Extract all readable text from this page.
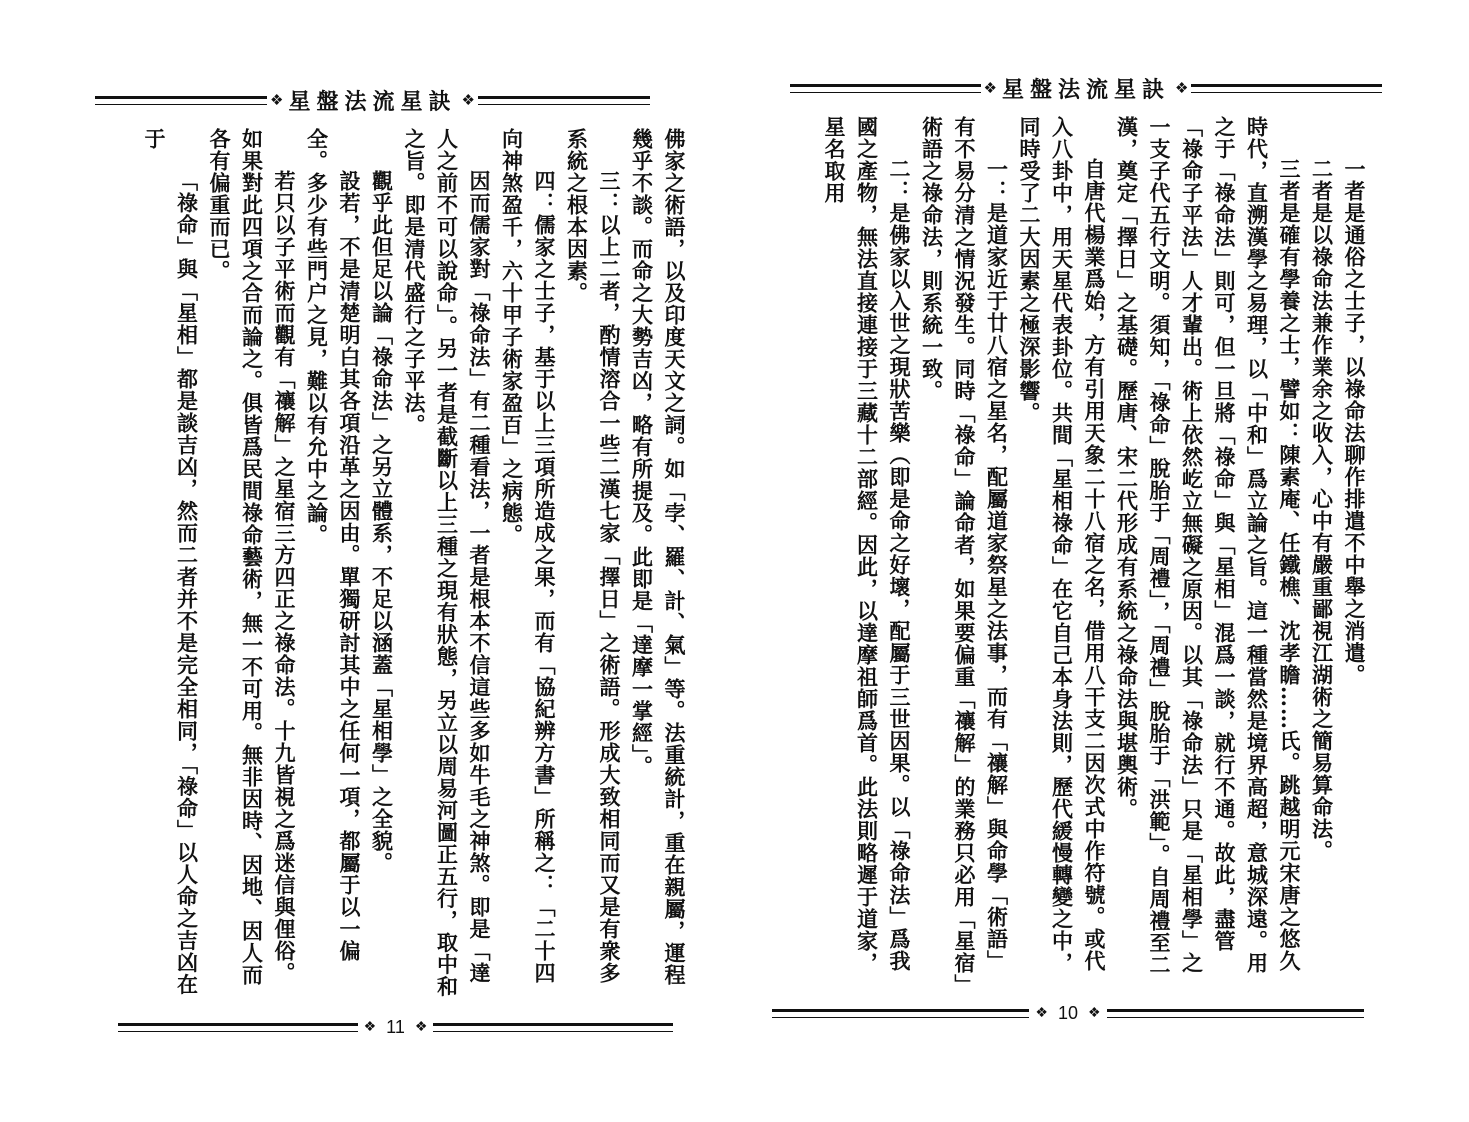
❖ 星盤法流星訣 ❖

佛家之術語，以及印度天文之詞。如「孛、羅、計、氣」等。法重統計，重在親屬，運程幾乎不談。而命之大勢吉凶，略有所提及。此即是「達摩一掌經」。

三：以上二者，酌情溶合一些二漢七家「擇日」之術語。形成大致相同而又是有衆多系統之根本因素。

四：儒家之士子，基于以上三項所造成之果，而有「協紀辨方書」所稱之：「二十四向神煞盈千，六十甲子術家盈百」之病態。

因而儒家對「祿命法」有二種看法，一者是根本不信這些多如牛毛之神煞。即是「達人之前不可以說命」。另一者是截斷以上三種之現有狀態，另立以周易河圖正五行，取中和之旨。即是清代盛行之子平法。

觀乎此但足以論「祿命法」之另立體系，不足以涵蓋「星相學」之全貌。

設若，不是清楚明白其各項沿革之因由。單獨研討其中之任何一項，都屬于以一偏全。多少有些門户之見，難以有允中之論。

若只以子平術而觀有「禳解」之星宿三方四正之祿命法。十九皆視之爲迷信與俚俗。如果對此四項之合而論之。俱皆爲民間祿命藝術，無一不可用。無非因時、因地、因人而各有偏重而已。

「祿命」與「星相」都是談吉凶，然而二者并不是完全相同，「祿命」以人命之吉凶在于

❖ 11 ❖
❖ 星盤法流星訣 ❖

一者是通俗之士子，以祿命法聊作排遣不中舉之消遣。

二者是以祿命法兼作業余之收入，心中有嚴重鄙視江湖術之簡易算命法。

三者是確有學養之士，譬如：陳素庵、任鐵樵、沈孝瞻……氏。跳越明元宋唐之悠久時代，直溯漢學之易理，以「中和」爲立論之旨。這一種當然是境界高超，意城深遠。用之于「祿命法」則可，但一旦將「祿命」與「星相」混爲一談，就行不通。故此，盡管「祿命子平法」人才輩出。術上依然屹立無礙之原因。以其「祿命法」只是「星相學」之一支子代五行文明。須知，「祿命」脫胎于「周禮」，「周禮」脫胎于「洪範」。自周禮至二漢，奠定「擇日」之基礎。歷唐、宋二代形成有系統之祿命法與堪輿術。

自唐代楊業爲始，方有引用天象二十八宿之名，借用八干支二因次式中作符號。或代入八卦中，用天星代表卦位。共間「星相祿命」在它自己本身法則，歷代緩慢轉變之中，同時受了二大因素之極深影響。

一：是道家近于廿八宿之星名，配屬道家祭星之法事，而有「禳解」與命學「術語」有不易分清之情況發生。同時「祿命」論命者，如果要偏重「禳解」的業務只必用「星宿」術語之祿命法，則系統一致。

二：是佛家以入世之現狀苦樂（即是命之好壞，配屬于三世因果。以「祿命法」爲我國之產物，無法直接連接于三藏十二部經。因此，以達摩祖師爲首。此法則略遲于道家，星名取用

❖ 10 ❖
